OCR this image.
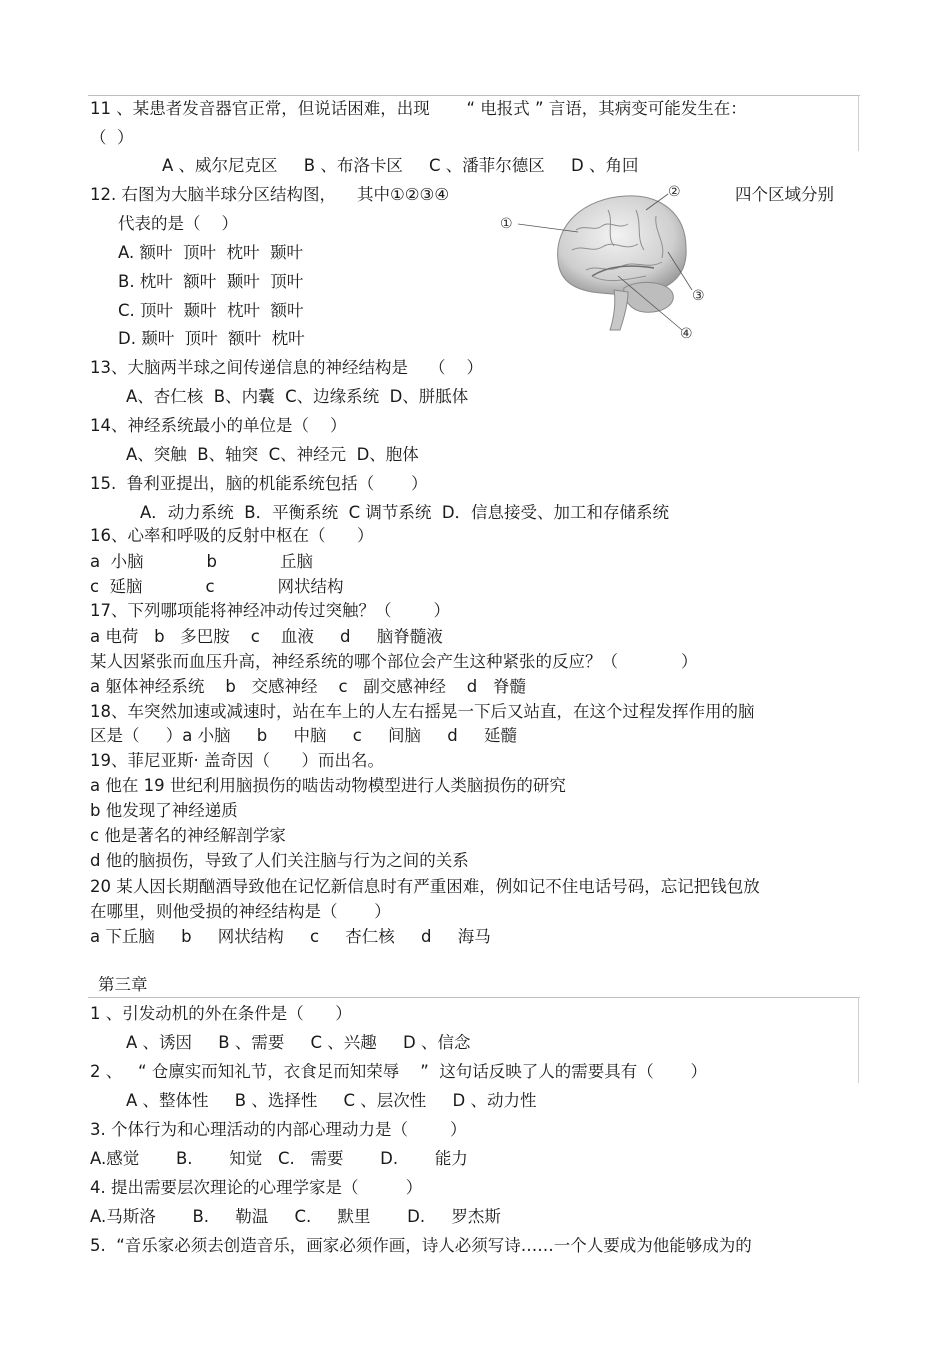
11 、某患者发音器官正常，但说话困难，出现       “ 电报式 ” 言语，其病变可能发生在：
（  ）
A 、威尔尼克区     B 、布洛卡区     C 、潘菲尔德区     D 、角回
12. 右图为大脑半球分区结构图，    其中①②③④	四个区域分别
代表的是（    ）
A. 额叶  顶叶  枕叶  颞叶
B. 枕叶  额叶  颞叶  顶叶
C. 顶叶  颞叶  枕叶  额叶
D. 颞叶  顶叶  额叶  枕叶
①
②
③
④
13、大脑两半球之间传递信息的神经结构是    （    ）
A、杏仁核  B、内囊  C、边缘系统  D、胼胝体
14、神经系统最小的单位是（    ）
A、突触  B、轴突  C、神经元  D、胞体
15.  鲁利亚提出，脑的机能系统包括（       ）
A．动力系统  B．平衡系统  C 调节系统  D．信息接受、加工和存储系统
16、心率和呼吸的反射中枢在（      ）
a  小脑            b            丘脑
c  延脑            c            网状结构
17、下列哪项能将神经冲动传过突触？（        ）
a 电荷   b   多巴胺    c    血液     d     脑脊髓液
某人因紧张而血压升高，神经系统的哪个部位会产生这种紧张的反应？（            ）
a 躯体神经系统    b   交感神经    c   副交感神经    d   脊髓
18、车突然加速或减速时，站在车上的人左右摇晃一下后又站直，在这个过程发挥作用的脑
区是（     ）a 小脑     b     中脑     c     间脑     d     延髓
19、菲尼亚斯· 盖奇因（      ）而出名。
a 他在 19 世纪利用脑损伤的啮齿动物模型进行人类脑损伤的研究
b 他发现了神经递质
c 他是著名的神经解剖学家
d 他的脑损伤，导致了人们关注脑与行为之间的关系
20 某人因长期酗酒导致他在记忆新信息时有严重困难，例如记不住电话号码，忘记把钱包放
在哪里，则他受损的神经结构是（       ）
a 下丘脑     b     网状结构     c     杏仁核     d     海马
第三章
1 、引发动机的外在条件是（      ）
A 、诱因     B 、需要     C 、兴趣     D 、信念
2 、   “ 仓廪实而知礼节，衣食足而知荣辱    ”  这句话反映了人的需要具有（       ）
A 、整体性     B 、选择性     C 、层次性     D 、动力性
3. 个体行为和心理活动的内部心理动力是（        ）
A.感觉       B.       知觉   C.   需要       D.       能力
4. 提出需要层次理论的心理学家是（         ）
A.马斯洛       B.     勒温     C.     默里       D.     罗杰斯
5.  “音乐家必须去创造音乐，画家必须作画，诗人必须写诗……一个人要成为他能够成为的
